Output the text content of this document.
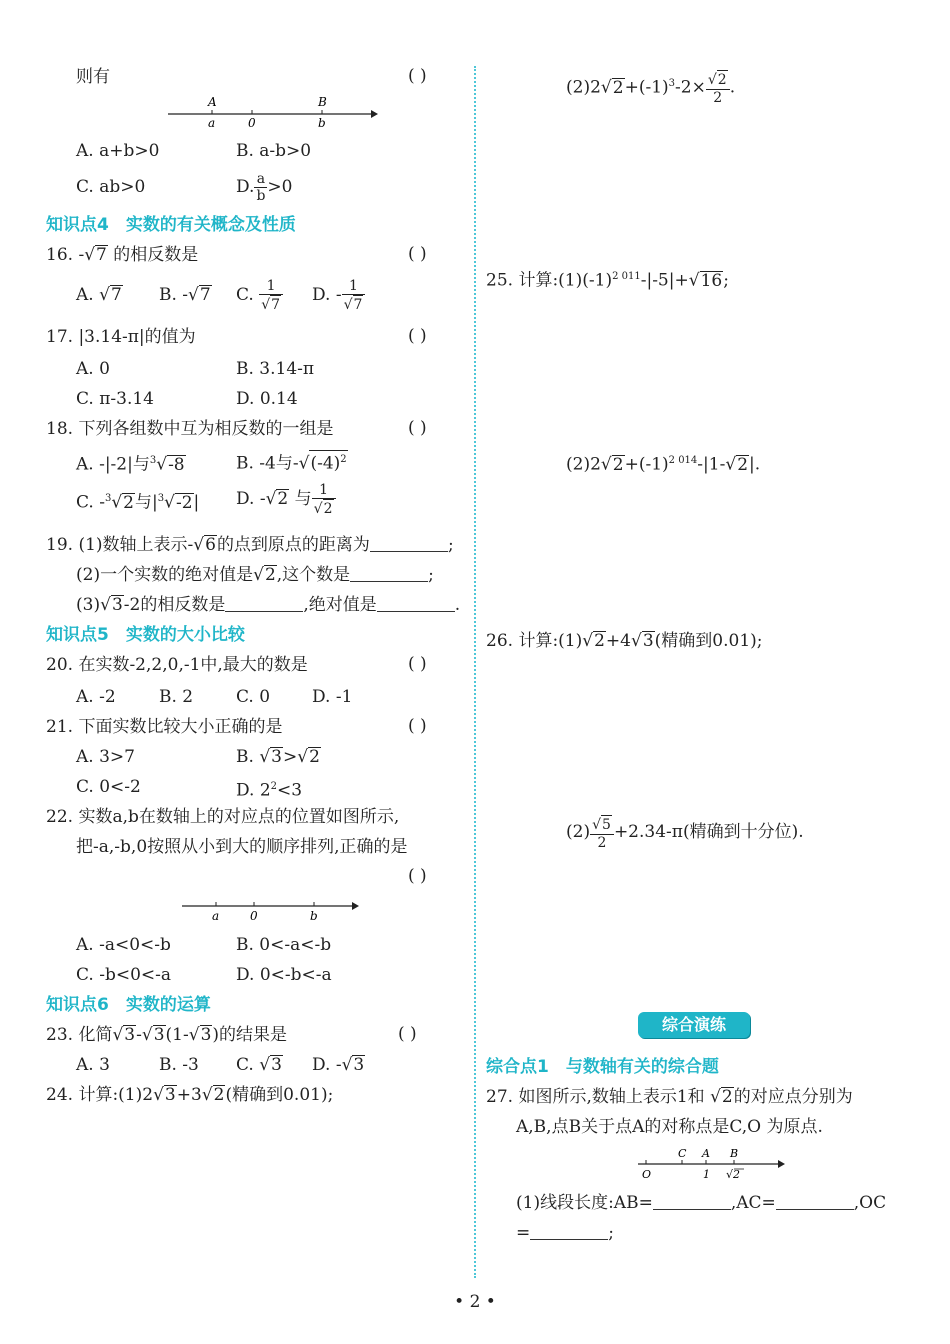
则有	( )
A	B
a	0	b
A. a+b>0	B. a-b>0
C. ab>0	D. $\frac{a}{b} >0$
知识点4　实数的有关概念及性质
16. -√7 的相反数是	( )
A. √7 B. -√7 C. $\frac{1}{√7} D$. - $\frac{1}{√7}$
17. |3.14-π|的值为	( )
A. 0	B. 3.14-π
C. π-3.14	D. 0.14
18. 下列各组数中互为相反数的一组是	( )
A. -|-2|与$^3$√-8	B. -4与$-√(-4)^2$
C. -$^3$√2与$|^3√-2|$ D. -√2 与 $\frac{1}{√2}$
19. (1)数轴上表示-√6的点到原点的距离为	;
(2)一个实数的绝对值是√2,这个数是	;
(3)√3-2的相反数是	,绝对值是	.
知识点5　实数的大小比较
20. 在实数-2,2,0,-1中,最大的数是	( )
A. -2	B. 2	C. 0 D. -1
21. 下面实数比较大小正确的是	( )
A. 3>7	B. √3>√2
C. 0<-2	D. $2^2<3$
22. 实数a,b在数轴上的对应点的位置如图所示,
把-a,-b,0按照从小到大的顺序排列,正确的是
( )
a	0	b
A. -a<0<-b	B. 0<-a<-b
C. -b<0<-a	D. 0<-b<-a
知识点6　实数的运算
23. 化简√3-√3(1-√3)的结果是	( )
A. 3	B. -3 C. √3 D. -√3
24. 计算:(1)2√3+3√2(精确到0.01);
$(2)2√2+(-1)^3-2\times \frac{√2}{2}$ .
25. 计算$:(1)(-1)^{2 011}-|-5|+√16$;
$(2)2√2+(-1)^{2 014}-|1-√2|$.
26. 计算:(1)√2+4√3(精确到0.01);
$(2) \frac{√5}{2} +2.34-\pi$(精确到十分位).
综合点1　与数轴有关的综合题
27. 如图所示,数轴上表示1和 √2的对应点分别为
A,B,点B关于点A的对称点是C,O 为原点.
C A B
O	1 √2
(1)线段长度:AB=	,AC=	,OC
=	;
综合演练
• 2 •
